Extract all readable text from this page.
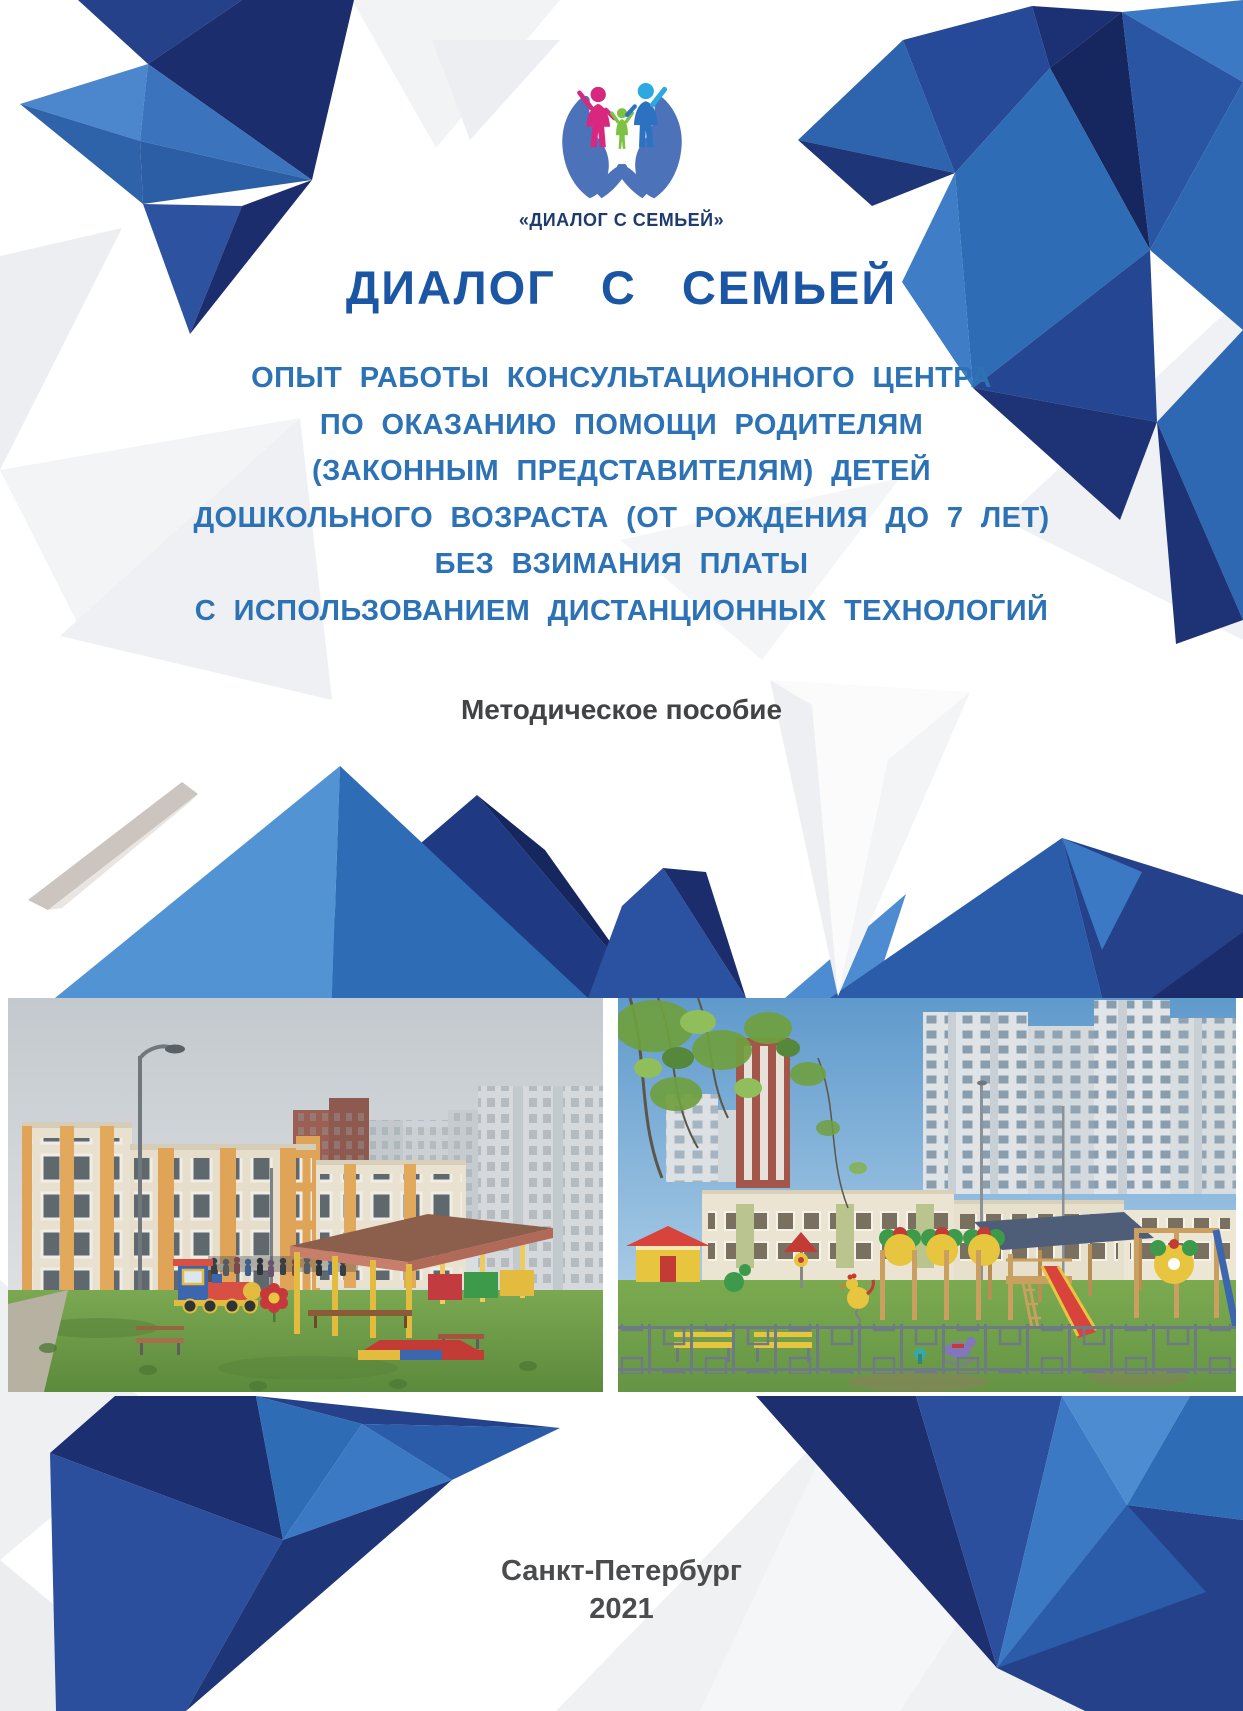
«ДИАЛОГ С СЕМЬЕЙ»
ДИАЛОГ С СЕМЬЕЙ
ОПЫТ РАБОТЫ КОНСУЛЬТАЦИОННОГО ЦЕНТРА
ПО ОКАЗАНИЮ ПОМОЩИ РОДИТЕЛЯМ
(ЗАКОННЫМ ПРЕДСТАВИТЕЛЯМ) ДЕТЕЙ
ДОШКОЛЬНОГО ВОЗРАСТА (ОТ РОЖДЕНИЯ ДО 7 ЛЕТ)
БЕЗ ВЗИМАНИЯ ПЛАТЫ
С ИСПОЛЬЗОВАНИЕМ ДИСТАНЦИОННЫХ ТЕХНОЛОГИЙ
Методическое пособие
Санкт-Петербург
2021
